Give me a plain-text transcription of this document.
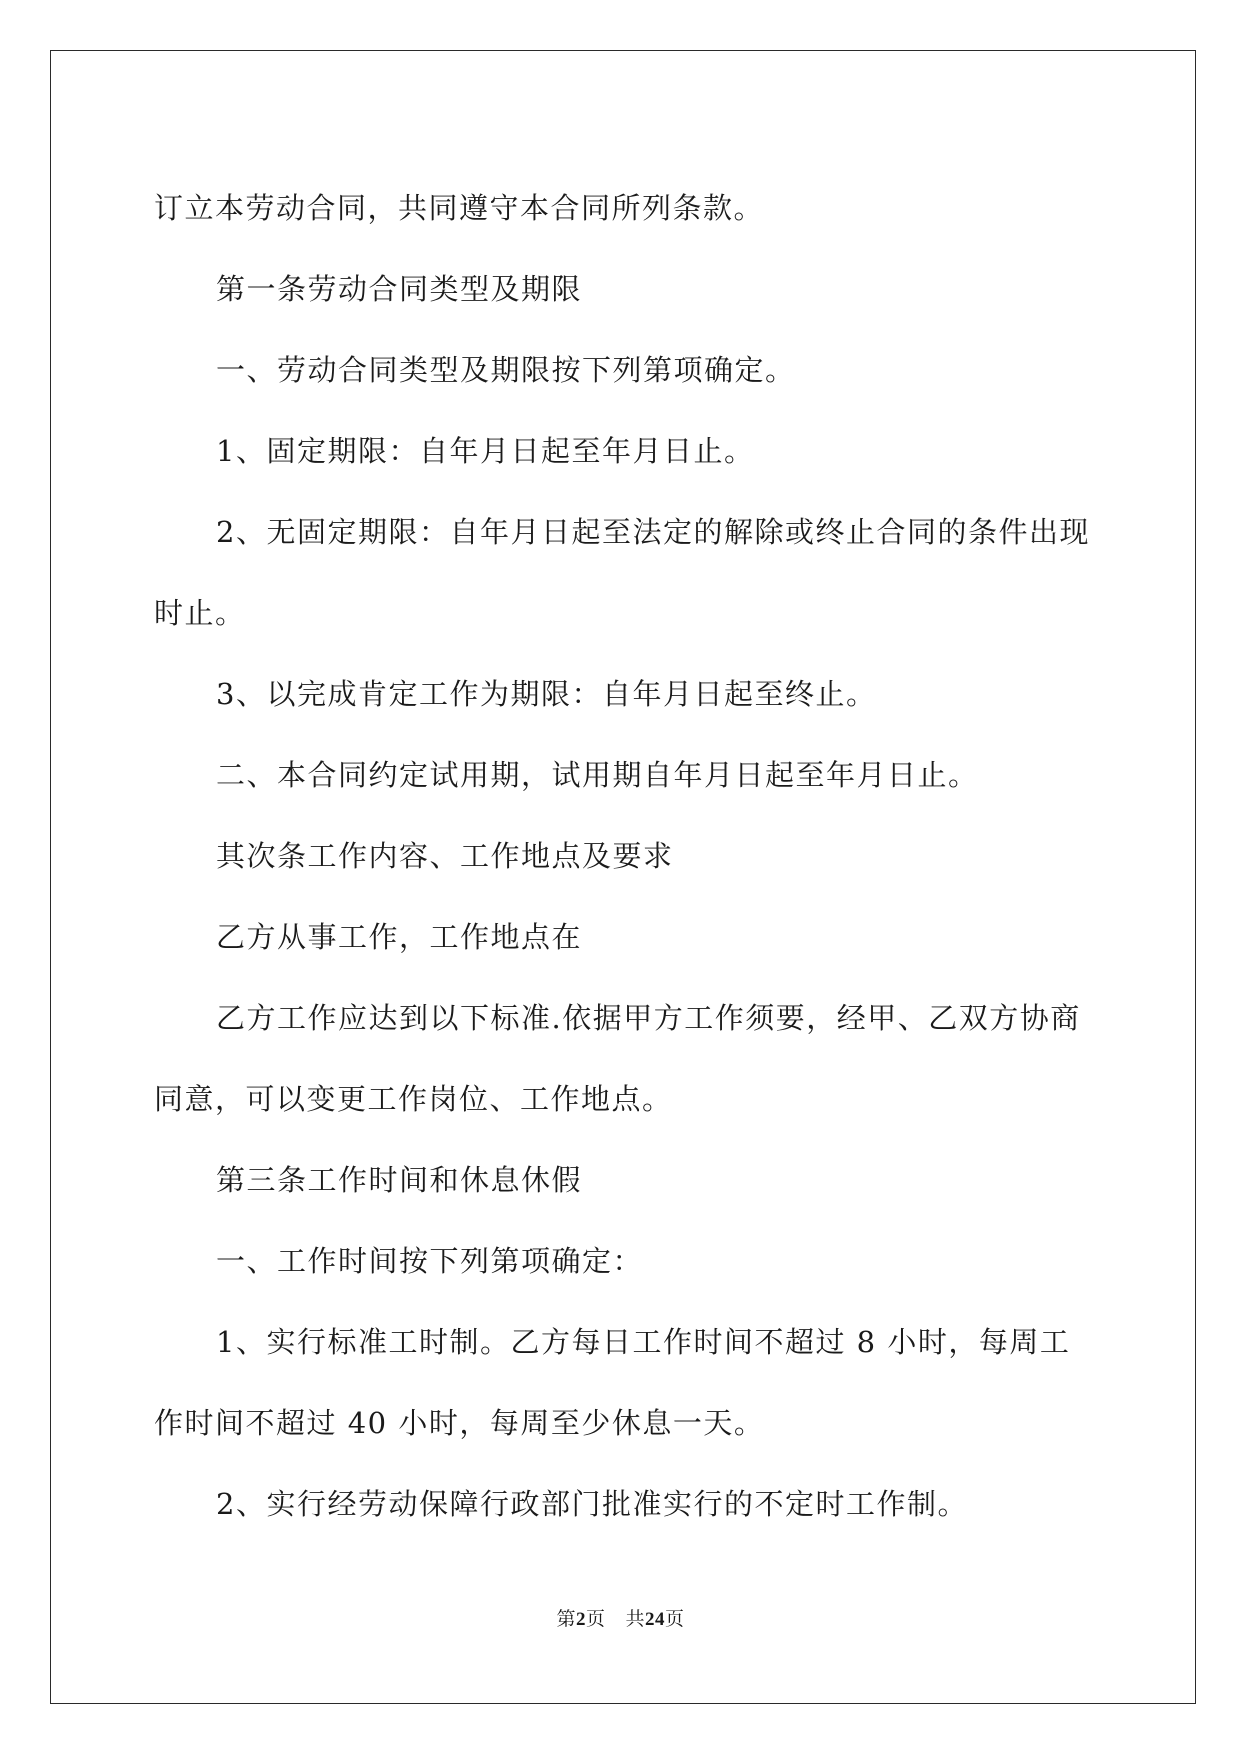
订立本劳动合同，共同遵守本合同所列条款。

第一条劳动合同类型及期限

一、劳动合同类型及期限按下列第项确定。

1、固定期限：自年月日起至年月日止。

2、无固定期限：自年月日起至法定的解除或终止合同的条件出现时止。

3、以完成肯定工作为期限：自年月日起至终止。

二、本合同约定试用期，试用期自年月日起至年月日止。

其次条工作内容、工作地点及要求

乙方从事工作，工作地点在

乙方工作应达到以下标准.依据甲方工作须要，经甲、乙双方协商同意，可以变更工作岗位、工作地点。

第三条工作时间和休息休假

一、工作时间按下列第项确定：

1、实行标准工时制。乙方每日工作时间不超过 8 小时，每周工作时间不超过 40 小时，每周至少休息一天。

2、实行经劳动保障行政部门批准实行的不定时工作制。

第2页 共24页
